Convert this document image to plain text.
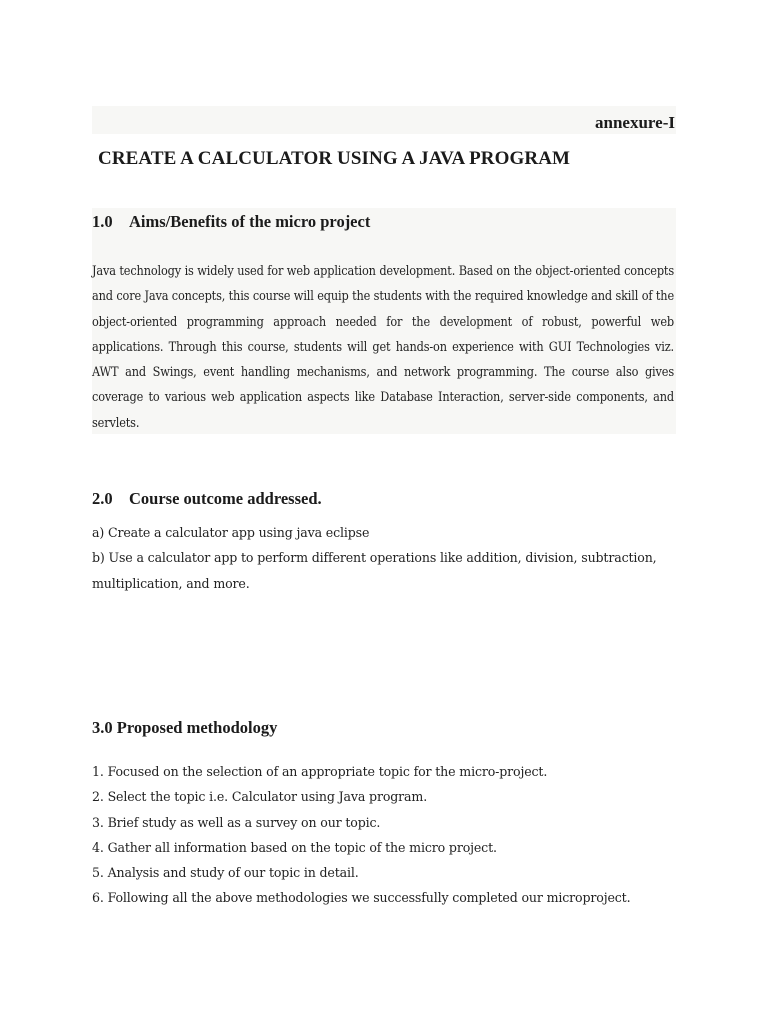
annexure-I
CREATE A CALCULATOR USING A JAVA PROGRAM
1.0 Aims/Benefits of the micro project
Java technology is widely used for web application development. Based on the object-oriented concepts and core Java concepts, this course will equip the students with the required knowledge and skill of the object-oriented programming approach needed for the development of robust, powerful web applications. Through this course, students will get hands-on experience with GUI Technologies viz. AWT and Swings, event handling mechanisms, and network programming. The course also gives coverage to various web application aspects like Database Interaction, server-side components, and servlets.
2.0 Course outcome addressed.
a) Create a calculator app using java eclipse
b) Use a calculator app to perform different operations like addition, division, subtraction, multiplication, and more.
3.0 Proposed methodology
1. Focused on the selection of an appropriate topic for the micro-project.
2. Select the topic i.e. Calculator using Java program.
3. Brief study as well as a survey on our topic.
4. Gather all information based on the topic of the micro project.
5. Analysis and study of our topic in detail.
6. Following all the above methodologies we successfully completed our microproject.
